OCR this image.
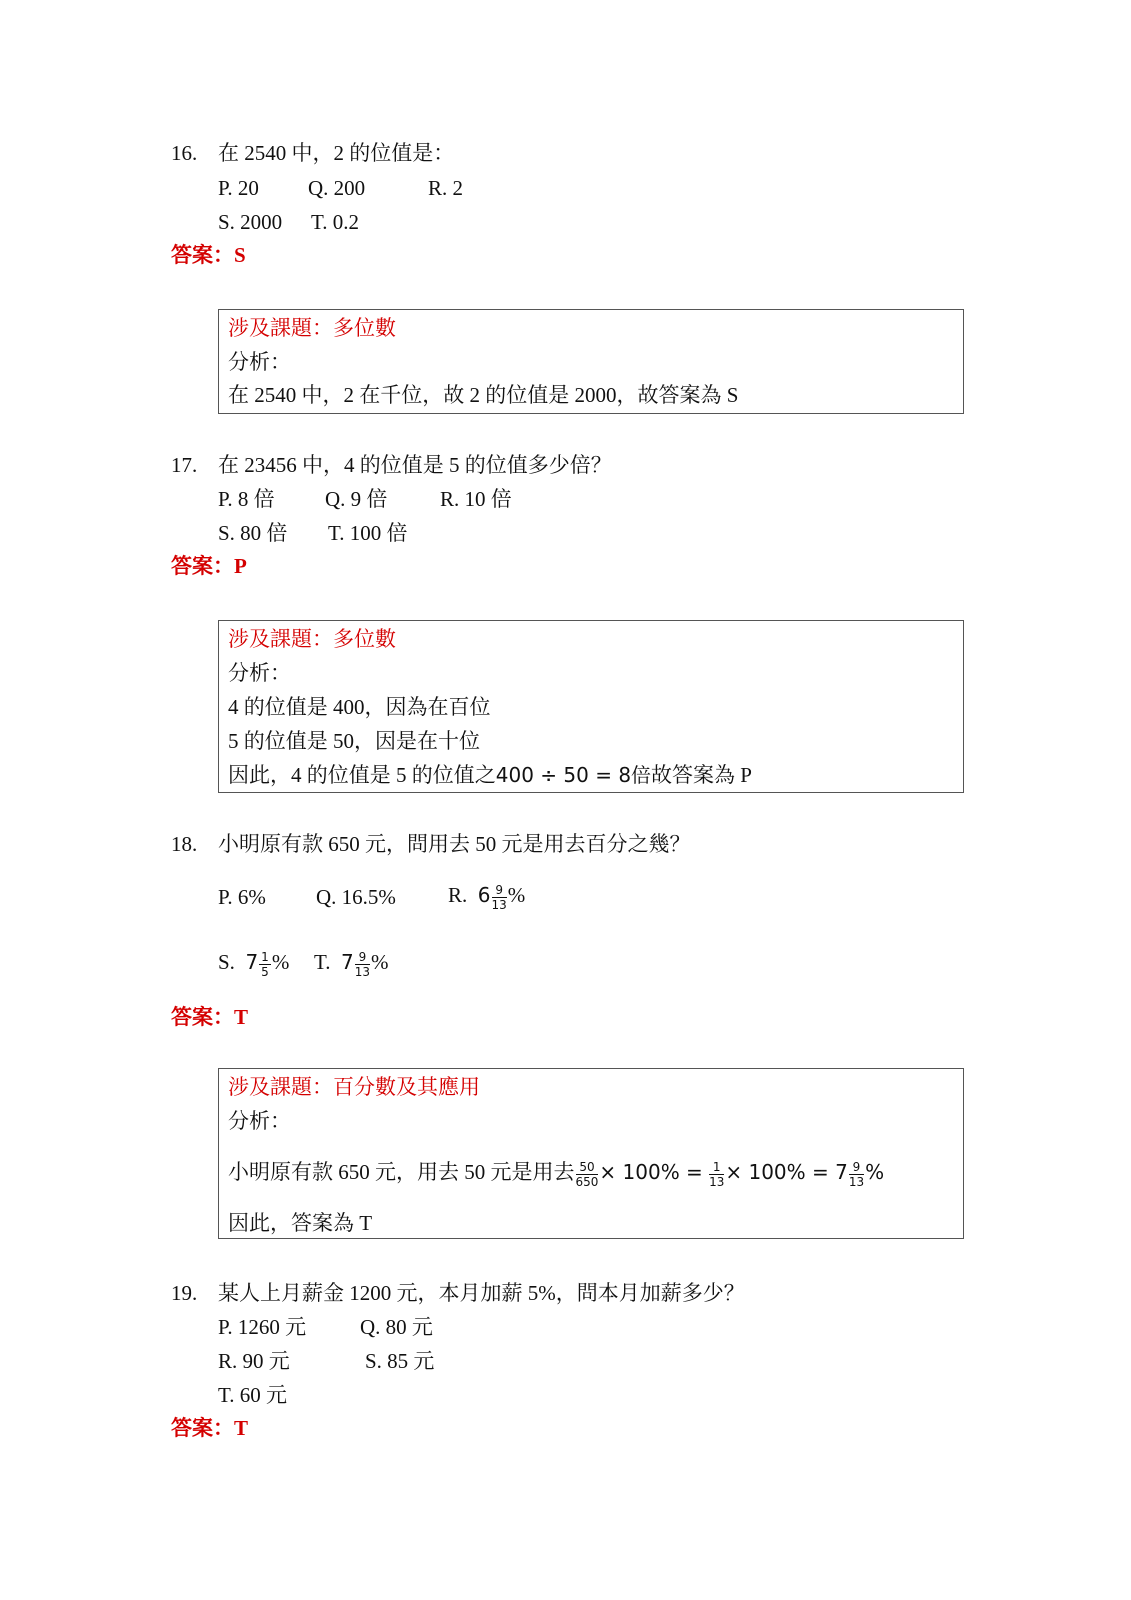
16. 在 2540 中，2 的位值是：
P. 20 Q. 200	R. 2
S. 2000 T. 0.2
答案：S
涉及課題：多位數
分析：
在 2540 中，2 在千位，故 2 的位值是 2000，故答案為 S
17. 在 23456 中，4 的位值是 5 的位值多少倍？
P. 8 倍 Q. 9 倍	R. 10 倍
S. 80 倍 T. 100 倍
答案：P
涉及課題：多位數
分析：
4 的位值是 400，因為在百位
5 的位值是 50，因是在十位
因此，4 的位值是 5 的位值之400 ÷ 50 = 8倍故答案為 P
18. 小明原有款 650 元，問用去 50 元是用去百分之幾？
P. 6% Q. 16.5% R. $6 \frac{9}{13}$ %
S. $7 \frac{1}{5}$ % T. $7 \frac{9}{13}$ %
答案：T
涉及課題：百分數及其應用
分析：
小明原有款 650 元，用去 50 元是用去 $\frac{50}{650} \times 100\% = \frac{1}{13} \times 100\% = 7 \frac{9}{13}$ %
因此，答案為 T
19. 某人上月薪金 1200 元，本月加薪 5%，問本月加薪多少？
P. 1260 元	Q. 80 元
R. 90 元	S. 85 元
T. 60 元
答案：T
